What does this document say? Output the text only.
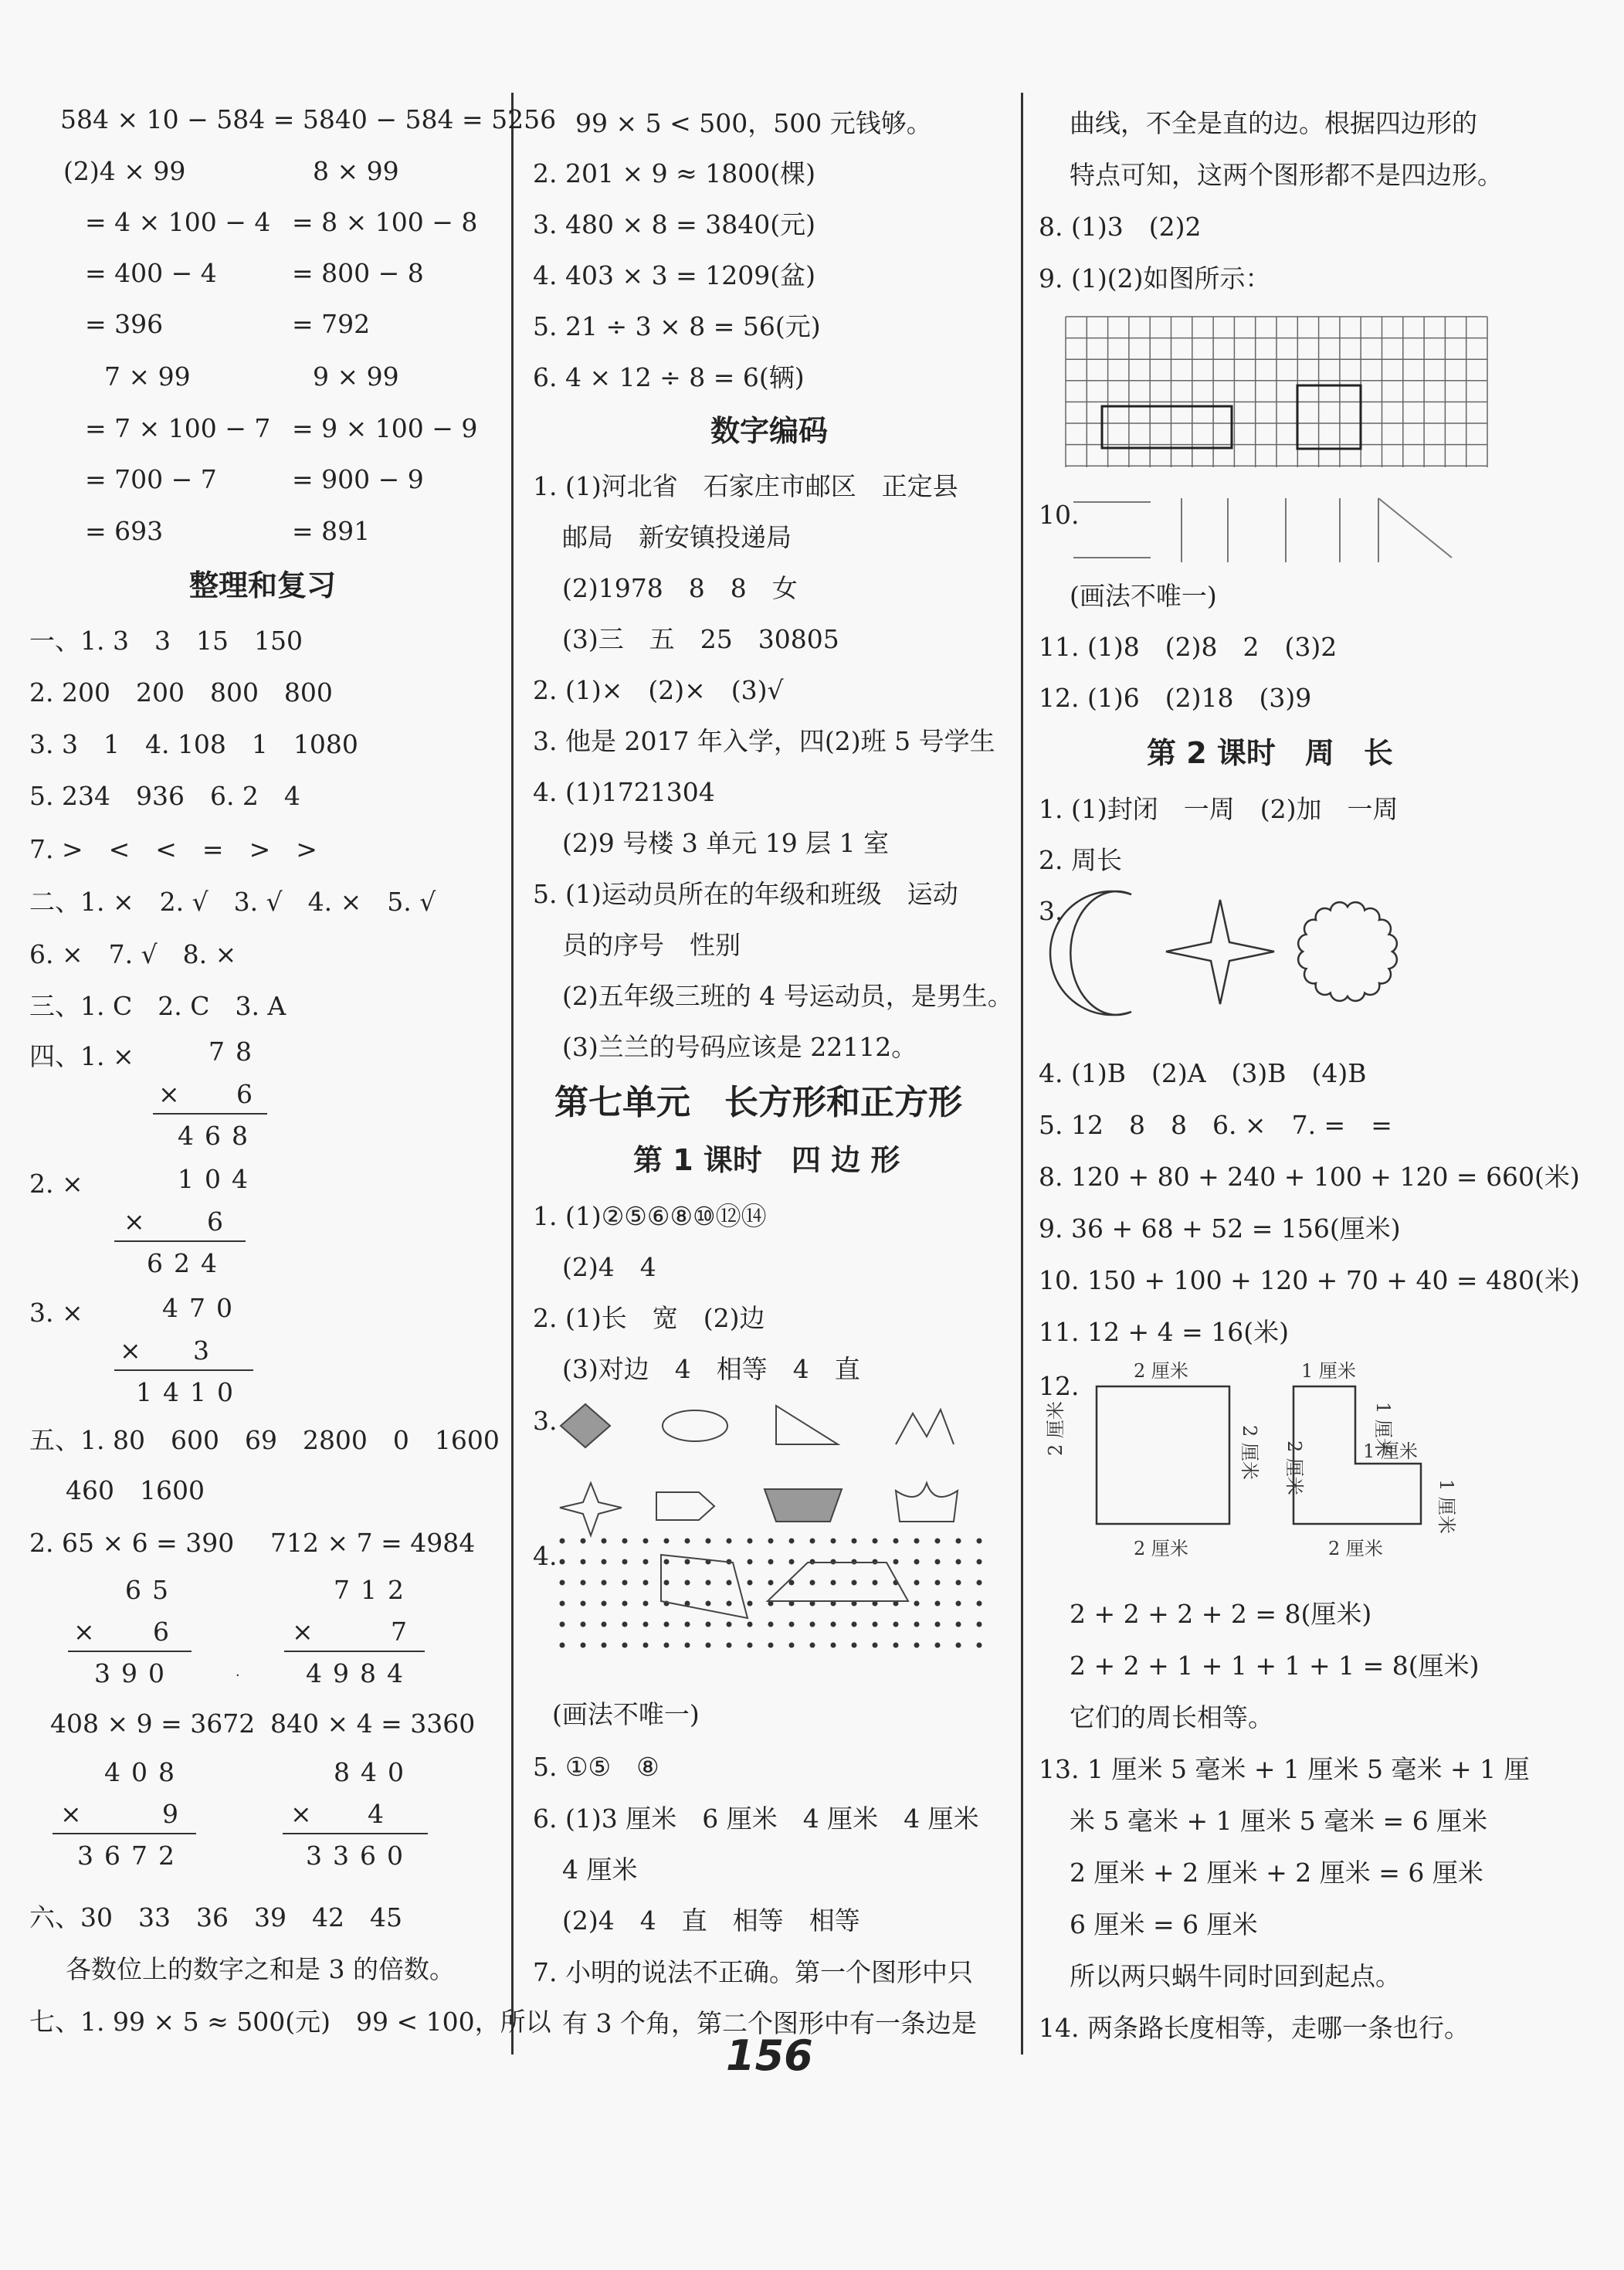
584 × 10 − 584 = 5840 − 584 = 5256
(2)4 × 99	8 × 99
= 4 × 100 − 4 = 8 × 100 − 8
= 400 − 4	= 800 − 8
= 396	= 792
7 × 99	9 × 99
= 7 × 100 − 7 = 9 × 100 − 9
= 700 − 7	= 900 − 9
= 693	= 891
整理和复习
一、1. 3　3　15　150
2. 200　200　800　800
3. 3　1　4. 108　1　1080
5. 234　936　6. 2　4
7. >　<　<　=　>　>
二、1. ×　2. √　3. √　4. ×　5. √
6. ×　7. √　8. ×
三、1. C　2. C　3. A
四、1. ×	78
× 6
468
2. ×	104
× 6
624
3. ×	470
× 3
1410
五、1. 80　600　69　2800　0　1600
460　1600
2. 65 × 6 = 390 712 × 7 = 4984
65
× 6
390
712
×	7
4984
·
408 × 9 = 3672 840 × 4 = 3360
408
×	9
3672
840
× 4
3360
六、30　33　36　39　42　45
各数位上的数字之和是 3 的倍数。
七、1. 99 × 5 ≈ 500(元)　99 < 100，所以
99 × 5 < 500，500 元钱够。
2. 201 × 9 ≈ 1800(棵)
3. 480 × 8 = 3840(元)
4. 403 × 3 = 1209(盆)
5. 21 ÷ 3 × 8 = 56(元)
6. 4 × 12 ÷ 8 = 6(辆)
数字编码
1. (1)河北省　石家庄市邮区　正定县
邮局　新安镇投递局
(2)1978　8　8　女
(3)三　五　25　30805
2. (1)×　(2)×　(3)√
3. 他是 2017 年入学，四(2)班 5 号学生
4. (1)1721304
(2)9 号楼 3 单元 19 层 1 室
5. (1)运动员所在的年级和班级　运动
员的序号　性别
(2)五年级三班的 4 号运动员，是男生。
(3)兰兰的号码应该是 22112。
第七单元　长方形和正方形
第 1 课时　四 边 形
1. (1)②⑤⑥⑧⑩⑫⑭
(2)4　4
2. (1)长　宽　(2)边
(3)对边　4　相等　4　直
3.
4.
(画法不唯一)
5. ①⑤　⑧
6. (1)3 厘米　6 厘米　4 厘米　4 厘米
4 厘米
(2)4　4　直　相等　相等
7. 小明的说法不正确。第一个图形中只
有 3 个角，第二个图形中有一条边是
曲线，不全是直的边。根据四边形的
特点可知，这两个图形都不是四边形。
8. (1)3　(2)2
9. (1)(2)如图所示：
10.
(画法不唯一)
11. (1)8　(2)8　2　(3)2
12. (1)6　(2)18　(3)9
第 2 课时　周　长
1. (1)封闭　一周　(2)加　一周
2. 周长
3.
4. (1)B　(2)A　(3)B　(4)B
5. 12　8　8　6. ×　7. =　=
8. 120 + 80 + 240 + 100 + 120 = 660(米)
9. 36 + 68 + 52 = 156(厘米)
10. 150 + 100 + 120 + 70 + 40 = 480(米)
11. 12 + 4 = 16(米)
12.	2 厘米
2 厘米
2 厘米	2 厘米
1 厘米
1 厘米
1 厘米
1 厘米
2 厘米
2 厘米
2 + 2 + 2 + 2 = 8(厘米)
2 + 2 + 1 + 1 + 1 + 1 = 8(厘米)
它们的周长相等。
13. 1 厘米 5 毫米 + 1 厘米 5 毫米 + 1 厘
米 5 毫米 + 1 厘米 5 毫米 = 6 厘米
2 厘米 + 2 厘米 + 2 厘米 = 6 厘米
6 厘米 = 6 厘米
所以两只蜗牛同时回到起点。
14. 两条路长度相等，走哪一条也行。
156
